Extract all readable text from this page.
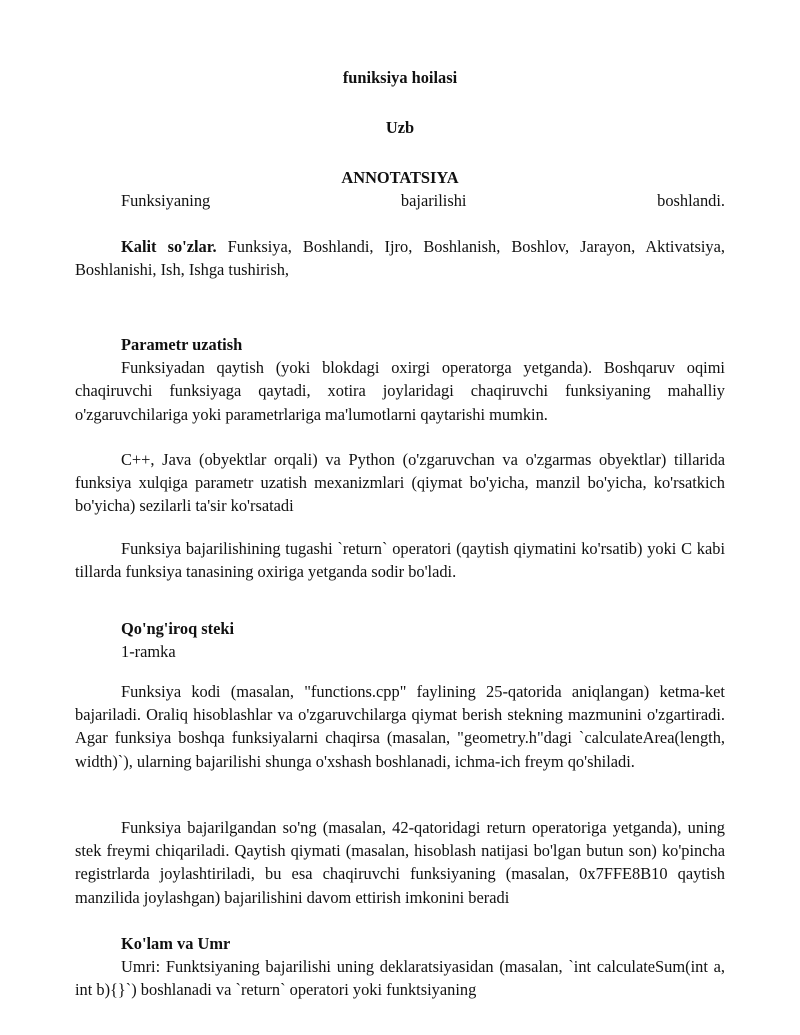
funiksiya hoilasi

Uzb

ANNOTATSIYA

Funksiyaning bajarilishi boshlandi.

Kalit so'zlar. Funksiya, Boshlandi, Ijro, Boshlanish, Boshlov, Jarayon, Aktivatsiya, Boshlanishi, Ish, Ishga tushirish,

Parametr uzatish

Funksiyadan qaytish (yoki blokdagi oxirgi operatorga yetganda). Boshqaruv oqimi chaqiruvchi funksiyaga qaytadi, xotira joylaridagi chaqiruvchi funksiyaning mahalliy o'zgaruvchilariga yoki parametrlariga ma'lumotlarni qaytarishi mumkin.

C++, Java (obyektlar orqali) va Python (o'zgaruvchan va o'zgarmas obyektlar) tillarida funksiya xulqiga parametr uzatish mexanizmlari (qiymat bo'yicha, manzil bo'yicha, ko'rsatkich bo'yicha) sezilarli ta'sir ko'rsatadi

Funksiya bajarilishining tugashi `return` operatori (qaytish qiymatini ko'rsatib) yoki C kabi tillarda funksiya tanasining oxiriga yetganda sodir bo'ladi.

Qo'ng'iroq steki

1-ramka

Funksiya kodi (masalan, "functions.cpp" faylining 25-qatorida aniqlangan) ketma-ket bajariladi. Oraliq hisoblashlar va o'zgaruvchilarga qiymat berish stekning mazmunini o'zgartiradi. Agar funksiya boshqa funksiyalarni chaqirsa (masalan, "geometry.h"dagi `calculateArea(length, width)`), ularning bajarilishi shunga o'xshash boshlanadi, ichma-ich freym qo'shiladi.

Funksiya bajarilgandan so'ng (masalan, 42-qatoridagi return operatoriga yetganda), uning stek freymi chiqariladi. Qaytish qiymati (masalan, hisoblash natijasi bo'lgan butun son) ko'pincha registrlarda joylashtiriladi, bu esa chaqiruvchi funksiyaning (masalan, 0x7FFE8B10 qaytish manzilida joylashgan) bajarilishini davom ettirish imkonini beradi

Ko'lam va Umr

Umri: Funktsiyaning bajarilishi uning deklaratsiyasidan (masalan, `int calculateSum(int a, int b){}`) boshlanadi va `return` operatori yoki funktsiyaning
